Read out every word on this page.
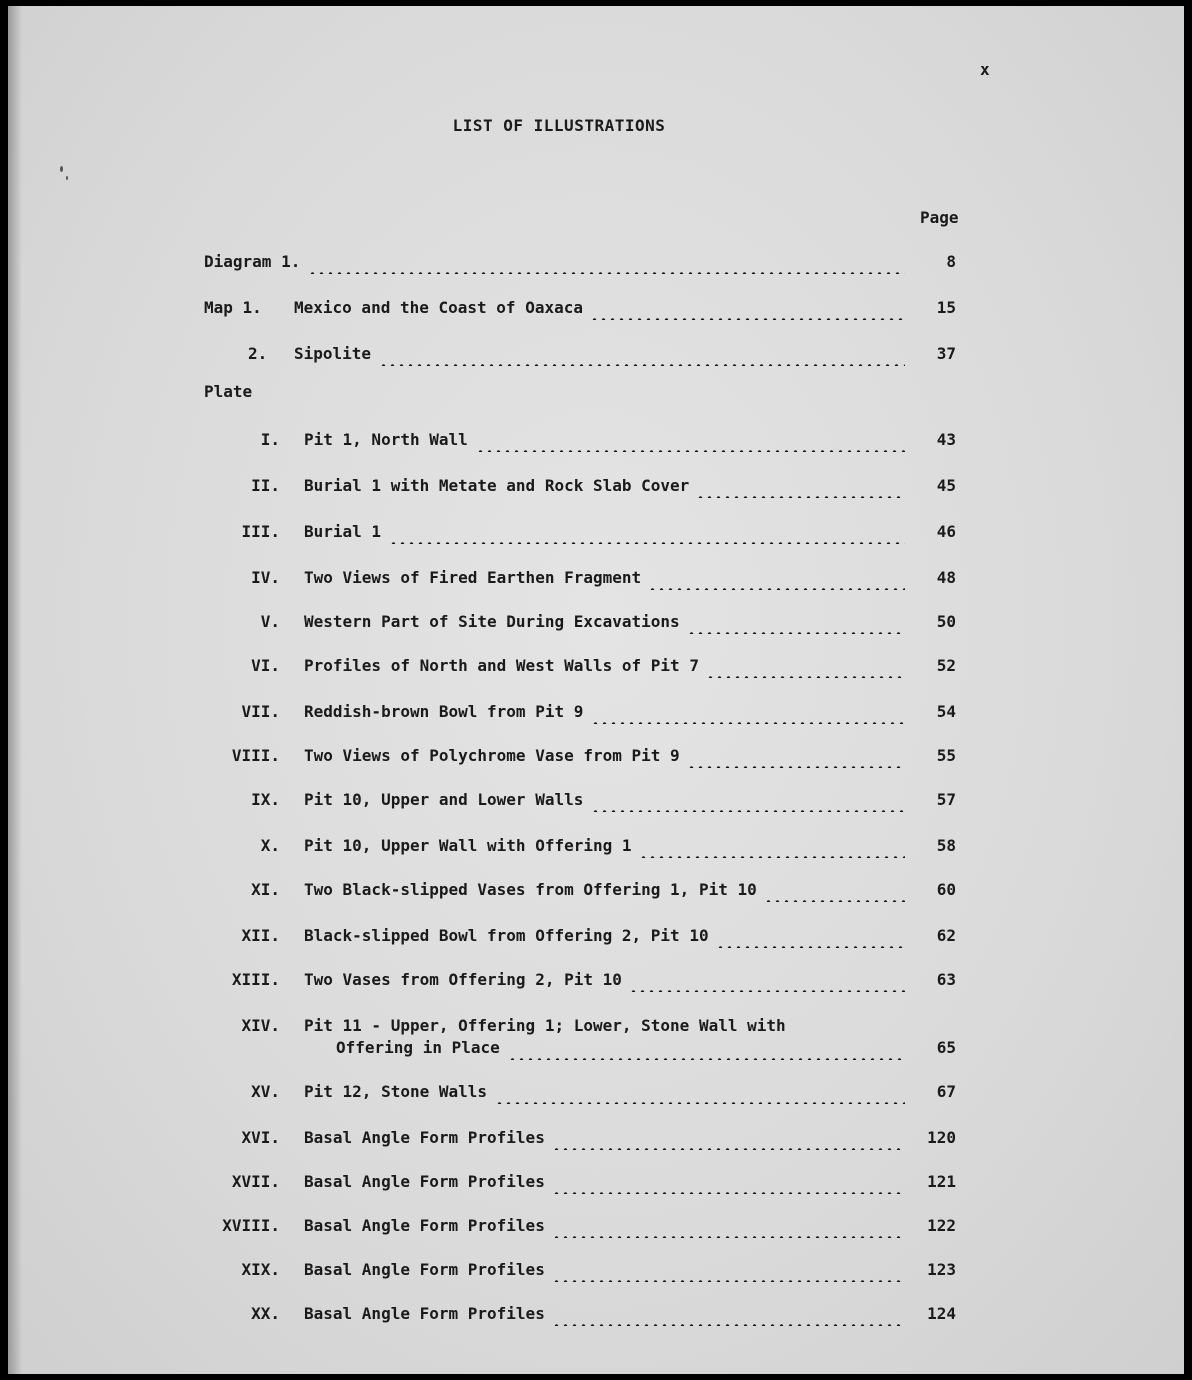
x
LIST OF ILLUSTRATIONS
Page
Diagram 1.	8
Map 1. Mexico and the Coast of Oaxaca	15
2. Sipolite	37
Plate
I. Pit 1, North Wall	43
II. Burial 1 with Metate and Rock Slab Cover	45
III. Burial 1	46
IV. Two Views of Fired Earthen Fragment	48
V. Western Part of Site During Excavations	50
VI. Profiles of North and West Walls of Pit 7	52
VII. Reddish-brown Bowl from Pit 9	54
VIII. Two Views of Polychrome Vase from Pit 9	55
IX. Pit 10, Upper and Lower Walls	57
X. Pit 10, Upper Wall with Offering 1	58
XI. Two Black-slipped Vases from Offering 1, Pit 10	60
XII. Black-slipped Bowl from Offering 2, Pit 10	62
XIII. Two Vases from Offering 2, Pit 10	63
XIV. Pit 11 - Upper, Offering 1; Lower, Stone Wall with
Offering in Place	65
XV. Pit 12, Stone Walls	67
XVI. Basal Angle Form Profiles	120
XVII. Basal Angle Form Profiles	121
XVIII. Basal Angle Form Profiles	122
XIX. Basal Angle Form Profiles	123
XX. Basal Angle Form Profiles	124
